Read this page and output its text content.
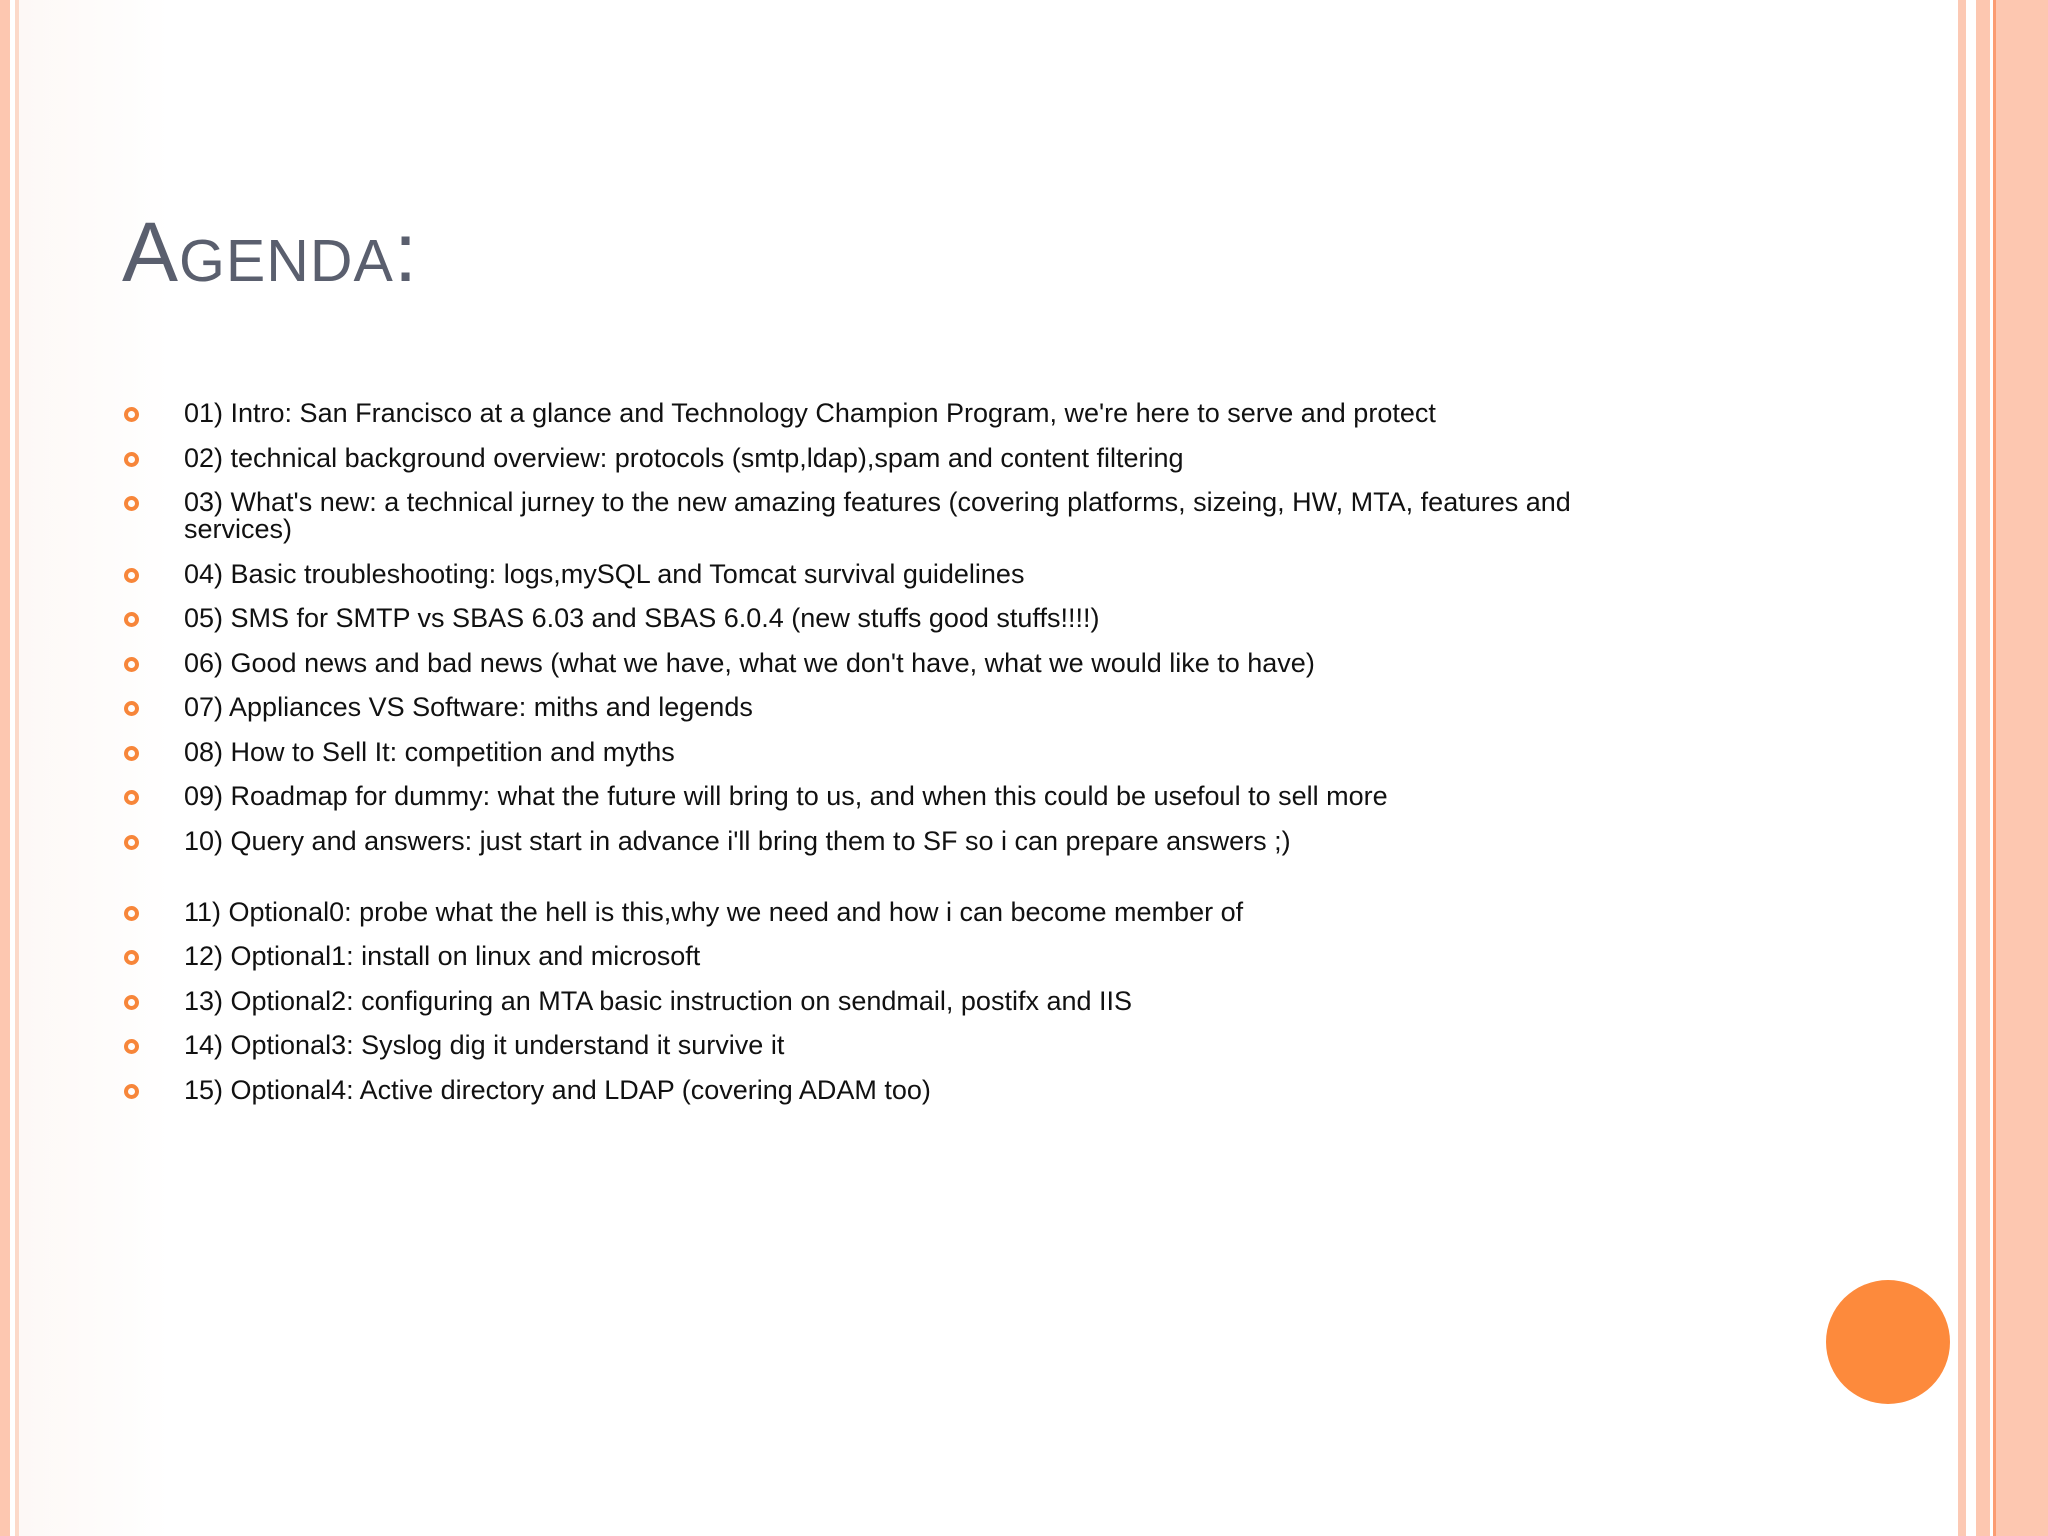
Agenda:
01) Intro: San Francisco at a glance and Technology Champion Program, we're here to serve and protect
02) technical background overview: protocols (smtp,ldap),spam and content filtering
03) What's new: a technical jurney to the new amazing features (covering platforms, sizeing, HW, MTA, features and services)
04) Basic troubleshooting: logs,mySQL and Tomcat survival guidelines
05) SMS for SMTP vs SBAS 6.03 and SBAS 6.0.4 (new stuffs good stuffs!!!!)
06) Good news and bad news (what we have, what we don't have, what we would like to have)
07) Appliances VS Software: miths and legends
08) How to Sell It: competition and myths
09) Roadmap for dummy: what the future will bring to us, and when this could be usefoul to sell more
10) Query and answers: just start in advance i'll bring them to SF so i can prepare answers ;)
11) Optional0: probe what the hell is this,why we need and how i can become member of
12) Optional1: install on linux and microsoft
13) Optional2: configuring an MTA basic instruction on sendmail, postifx and IIS
14) Optional3: Syslog dig it understand it survive it
15) Optional4: Active directory and LDAP (covering ADAM too)
